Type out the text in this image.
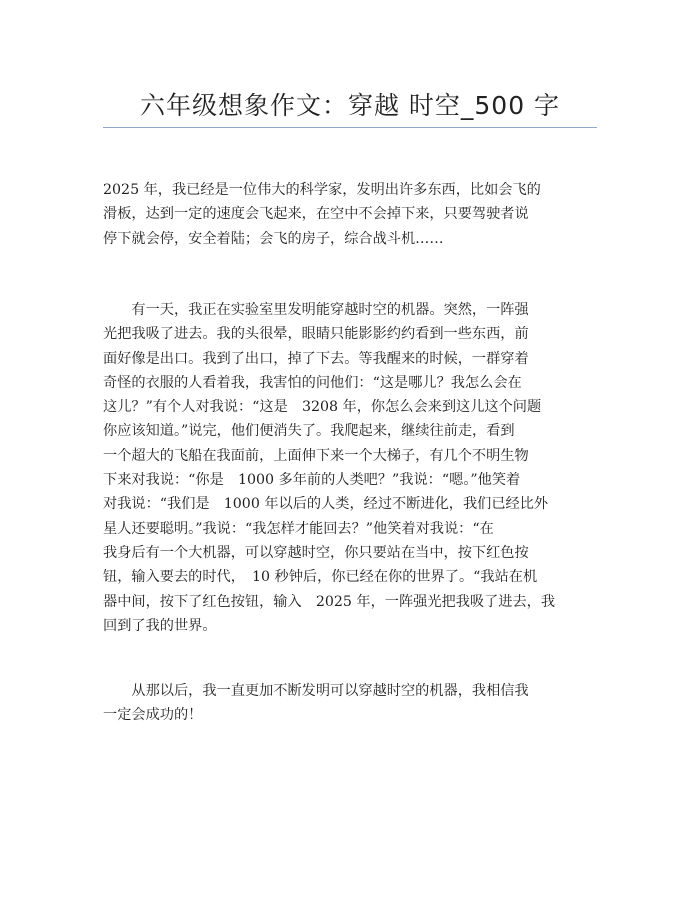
六年级想象作文：穿越 时空_500 字
2025 年，我已经是一位伟大的科学家，发明出许多东西，比如会飞的
滑板，达到一定的速度会飞起来，在空中不会掉下来，只要驾驶者说
停下就会停，安全着陆；会飞的房子，综合战斗机……
　　有一天，我正在实验室里发明能穿越时空的机器。突然，一阵强
光把我吸了进去。我的头很晕，眼睛只能影影约约看到一些东西，前
面好像是出口。我到了出口，掉了下去。等我醒来的时候，一群穿着
奇怪的衣服的人看着我，我害怕的问他们：“这是哪儿？我怎么会在
这儿？”有个人对我说：“这是　3208 年，你怎么会来到这儿这个问题
你应该知道。”说完，他们便消失了。我爬起来，继续往前走，看到
一个超大的飞船在我面前，上面伸下来一个大梯子，有几个不明生物
下来对我说：“你是　1000 多年前的人类吧？”我说：“嗯。”他笑着
对我说：“我们是　1000 年以后的人类，经过不断进化，我们已经比外
星人还要聪明。”我说：“我怎样才能回去？”他笑着对我说：“在
我身后有一个大机器，可以穿越时空，你只要站在当中，按下红色按
钮，输入要去的时代，　10 秒钟后，你已经在你的世界了。“我站在机
器中间，按下了红色按钮，输入　2025 年，一阵强光把我吸了进去，我
回到了我的世界。
　　从那以后，我一直更加不断发明可以穿越时空的机器，我相信我
一定会成功的！
